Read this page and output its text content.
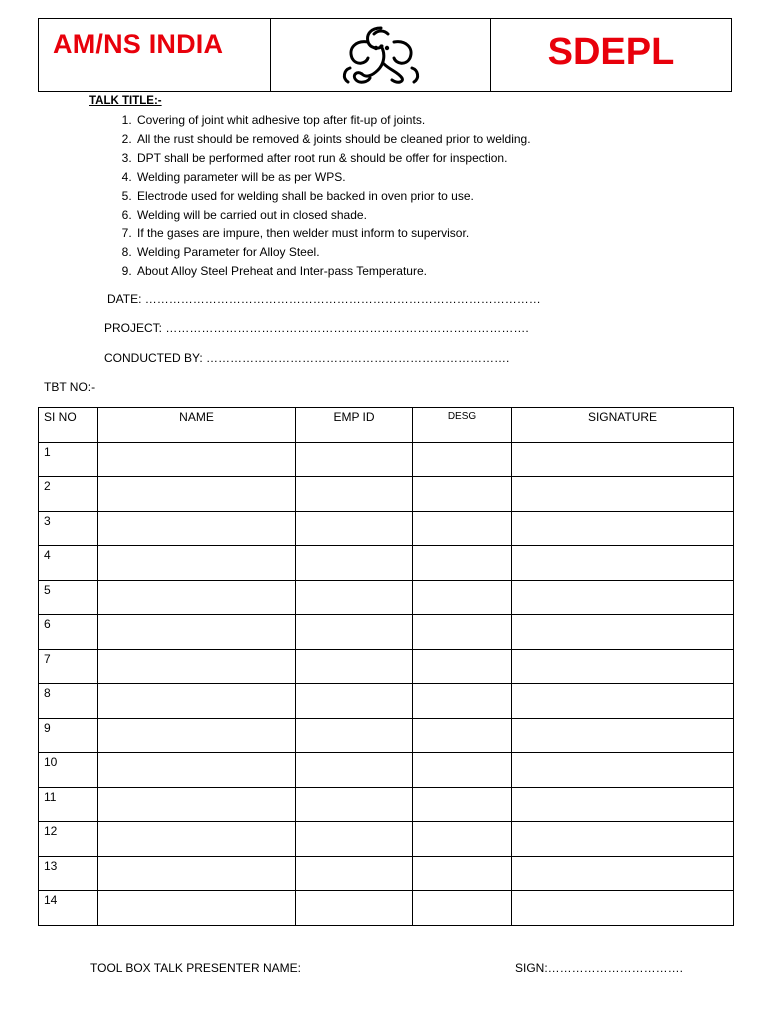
AM/NS INDIA	SDEPL
TALK TITLE:-
1. Covering of joint whit adhesive top after fit-up of joints.
2. All the rust should be removed & joints should be cleaned prior to welding.
3. DPT shall be performed after root run & should be offer for inspection.
4. Welding parameter will be as per WPS.
5. Electrode used for welding shall be backed in oven prior to use.
6. Welding will be carried out in closed shade.
7. If the gases are impure, then welder must inform to supervisor.
8. Welding Parameter for Alloy Steel.
9. About Alloy Steel Preheat and Inter-pass Temperature.
DATE: ………………………………………………………………………………………
PROJECT: ……………………………………………………………………………….
CONDUCTED BY: ………………………………………………………………….
TBT NO:-
SI NO	NAME	EMP ID	DESG	SIGNATURE
1				
2				
3				
4				
5				
6				
7				
8				
9				
10				
11				
12				
13				
14				
TOOL BOX TALK PRESENTER NAME:	SIGN:…………………………….
